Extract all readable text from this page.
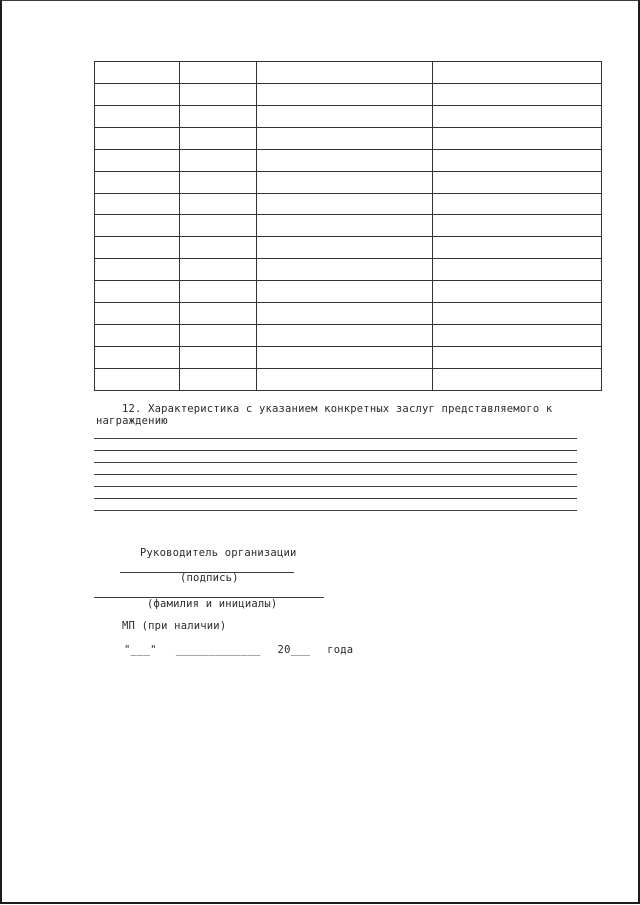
12. Характеристика с указанием конкретных заслуг представляемого к
награждению
Руководитель организации
(подпись)
(фамилия и инициалы)
МП (при наличии)
"___" _____________ 20___ года
